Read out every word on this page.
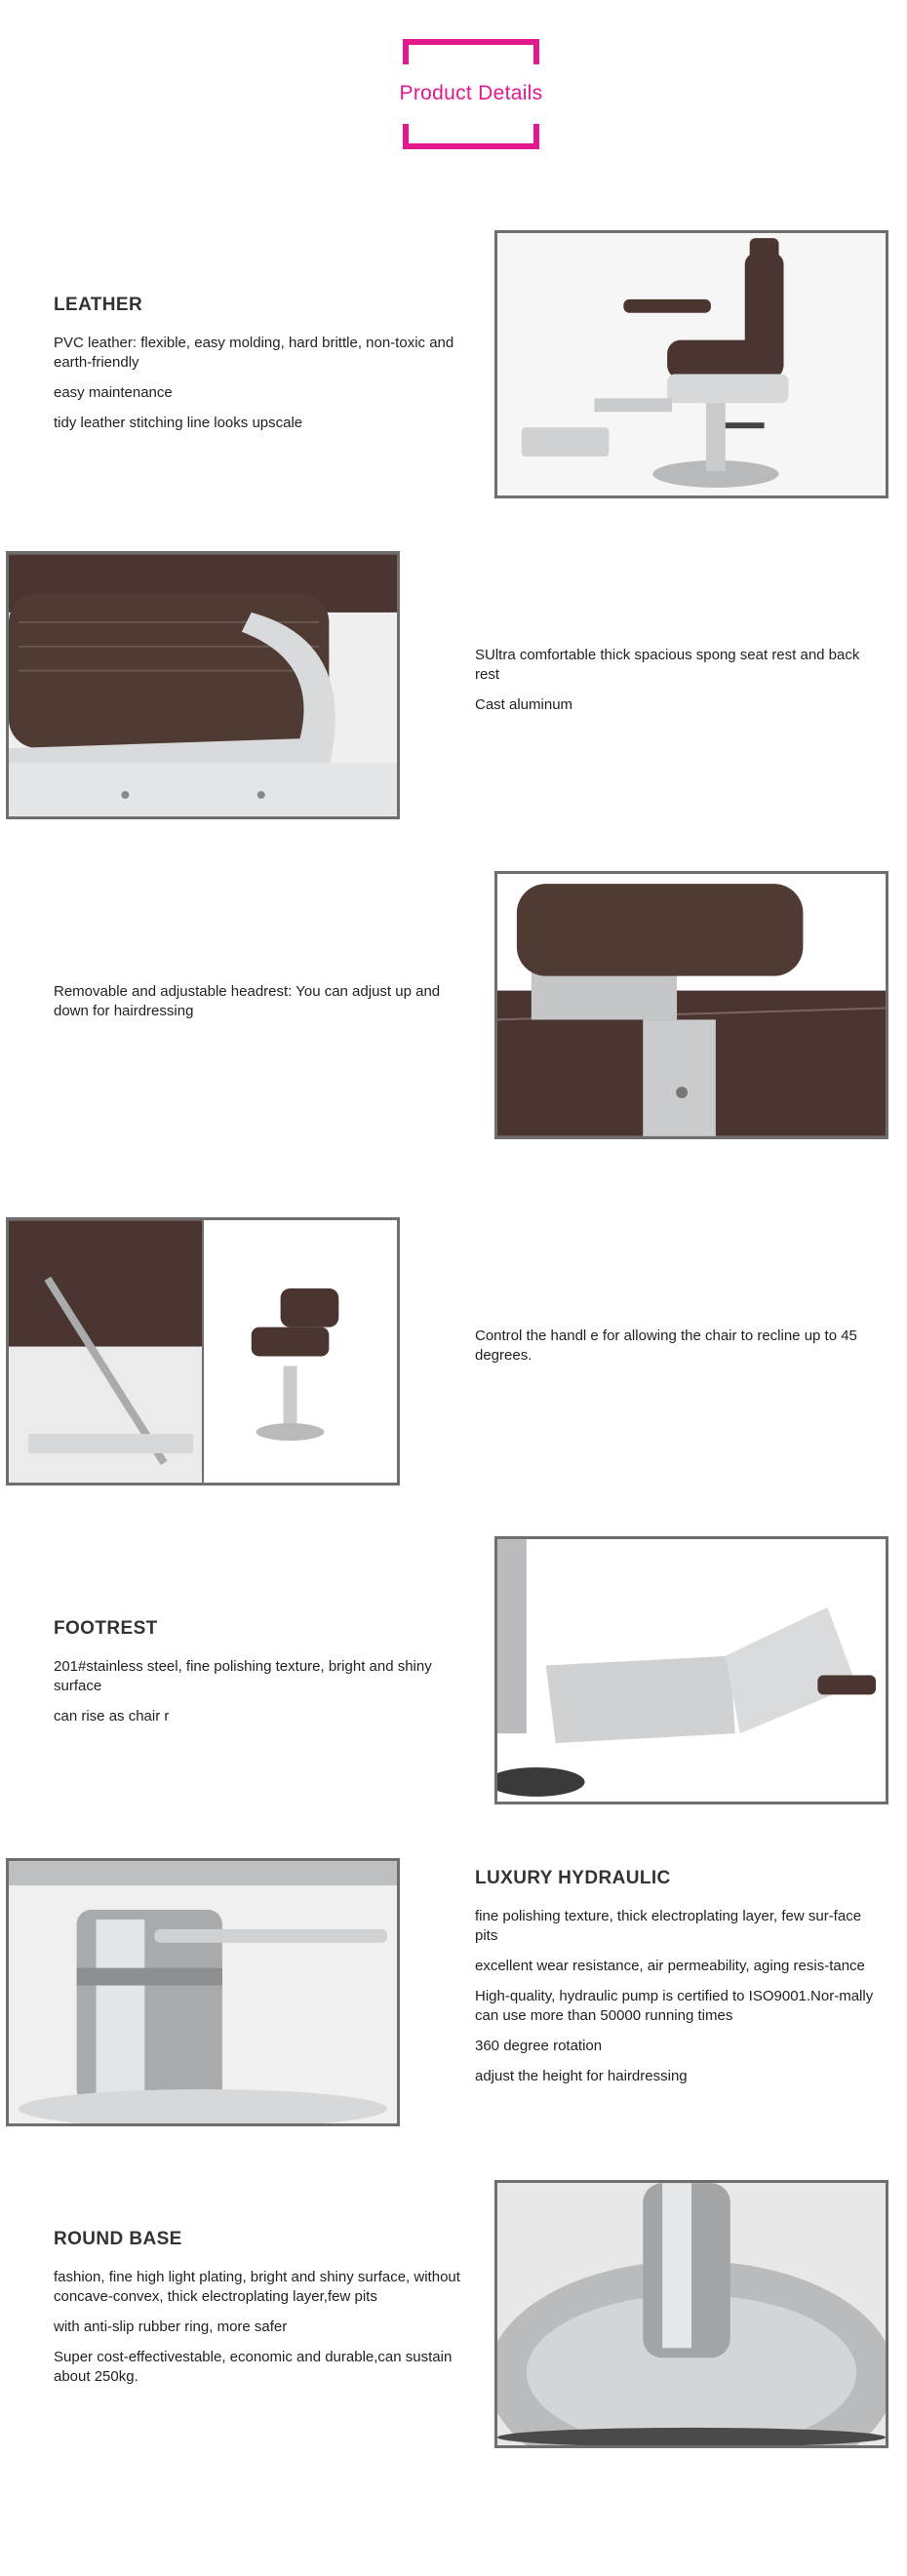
Product Details
LEATHER

PVC leather: flexible, easy molding, hard brittle, non-toxic and earth-friendly

easy maintenance

tidy leather stitching line looks upscale

SUltra comfortable thick spacious spong seat rest and back rest

Cast aluminum

Removable and adjustable headrest: You can adjust up and down for hairdressing

Control the handl e for allowing the chair to recline up to 45 degrees.

FOOTREST

201#stainless steel, fine polishing texture, bright and shiny surface

can rise as chair r

LUXURY HYDRAULIC

fine polishing texture, thick electroplating layer, few sur-face pits

excellent wear resistance, air permeability, aging resis-tance

High-quality, hydraulic pump is certified to ISO9001.Nor-mally can use more than 50000 running times

360 degree rotation

adjust the height for hairdressing

ROUND BASE

fashion, fine high light plating, bright and shiny surface, without concave-convex, thick electroplating layer,few pits

with anti-slip rubber ring, more safer

Super cost-effectivestable, economic and durable,can sustain about 250kg.
